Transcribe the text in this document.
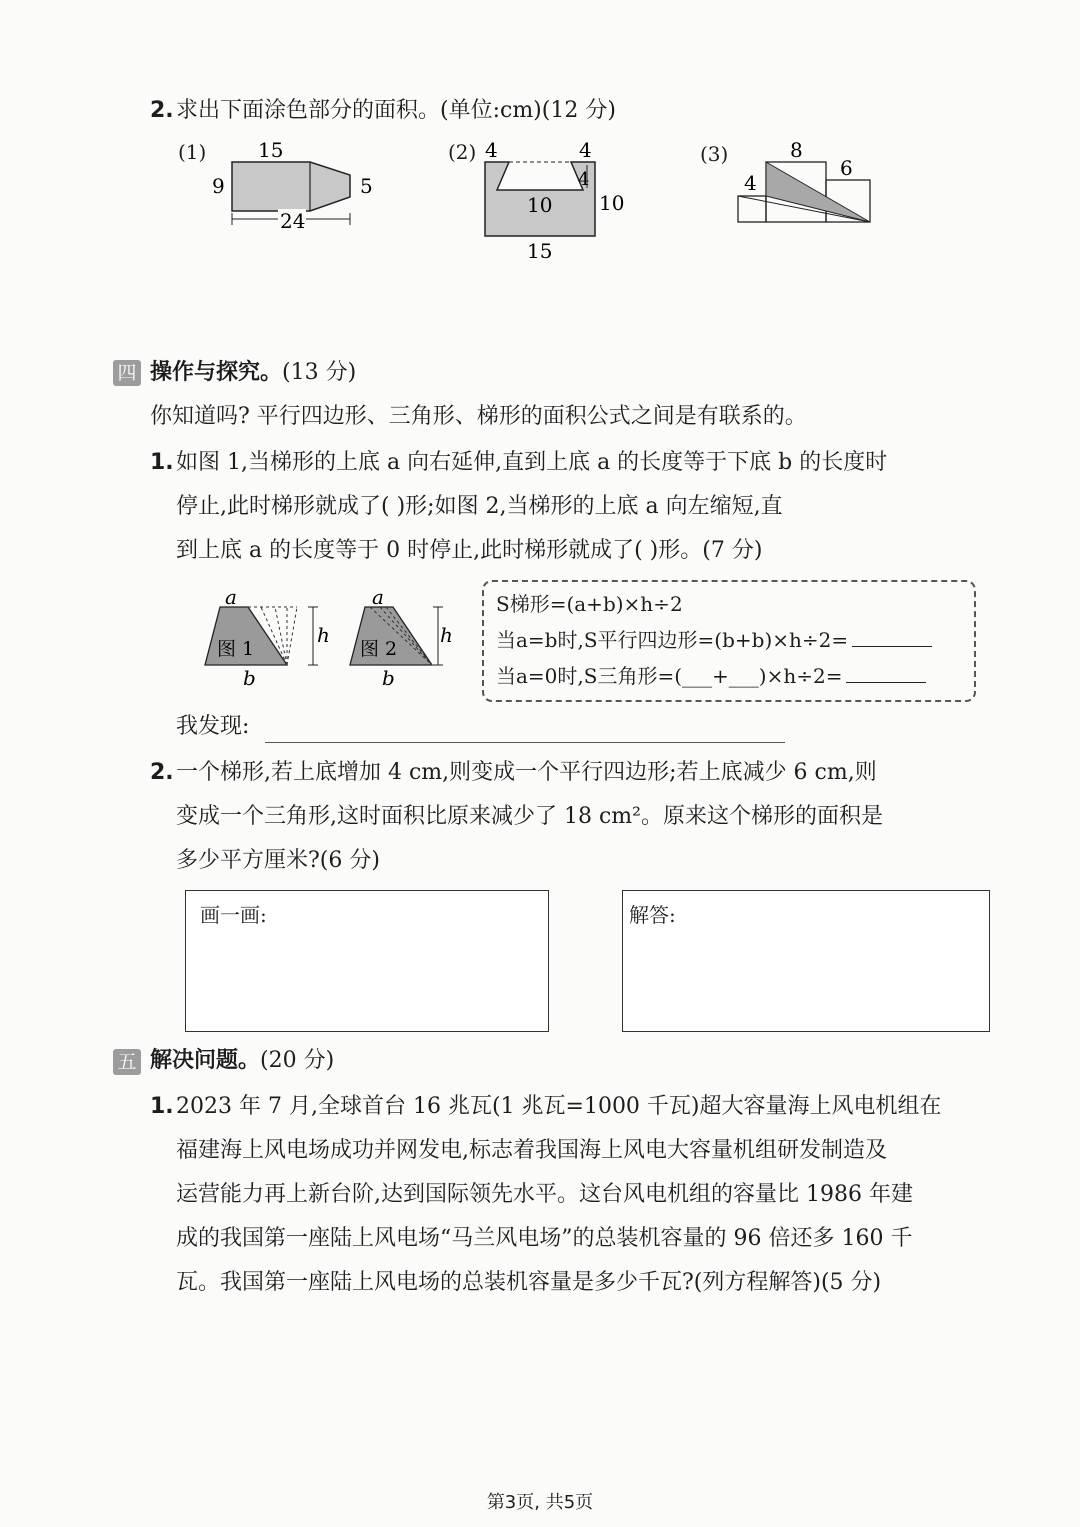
2. 求出下面涂色部分的面积。(单位:cm)(12 分)
(1)	15
9	5
24
(2) 4	4
4
10 10
15
(3)	8
6
4
四 操作与探究。(13 分)
你知道吗? 平行四边形、三角形、梯形的面积公式之间是有联系的。
1. 如图 1,当梯形的上底 a 向右延伸,直到上底 a 的长度等于下底 b 的长度时
停止,此时梯形就成了( )形;如图 2,当梯形的上底 a 向左缩短,直
到上底 a 的长度等于 0 时停止,此时梯形就成了( )形。(7 分)
a
h
图 1
b
a
h
图 2
b
S梯形=(a+b)×h÷2
当a=b时,S平行四边形=(b+b)×h÷2=
当a=0时,S三角形=(___+___)×h÷2=
我发现:
2. 一个梯形,若上底增加 4 cm,则变成一个平行四边形;若上底减少 6 cm,则
变成一个三角形,这时面积比原来减少了 18 cm²。原来这个梯形的面积是
多少平方厘米?(6 分)
画一画:	解答:
五 解决问题。(20 分)
1. 2023 年 7 月,全球首台 16 兆瓦(1 兆瓦=1000 千瓦)超大容量海上风电机组在
福建海上风电场成功并网发电,标志着我国海上风电大容量机组研发制造及
运营能力再上新台阶,达到国际领先水平。这台风电机组的容量比 1986 年建
成的我国第一座陆上风电场“马兰风电场”的总装机容量的 96 倍还多 160 千
瓦。我国第一座陆上风电场的总装机容量是多少千瓦?(列方程解答)(5 分)
第3页, 共5页
